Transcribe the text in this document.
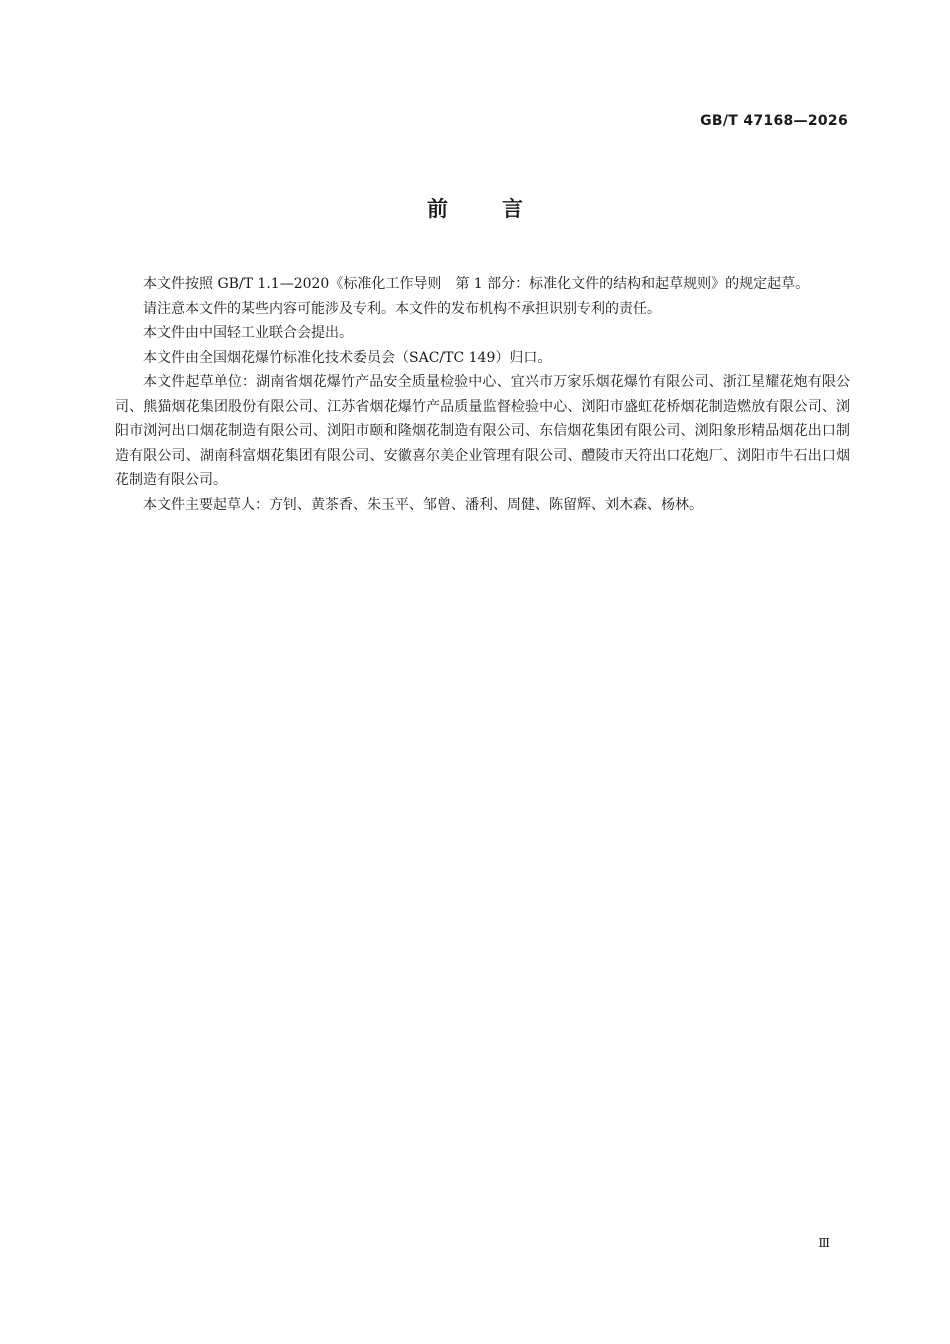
GB/T 47168—2026
前言

本文件按照 GB/T 1.1—2020《标准化工作导则　第 1 部分：标准化文件的结构和起草规则》的规定起草。

请注意本文件的某些内容可能涉及专利。本文件的发布机构不承担识别专利的责任。

本文件由中国轻工业联合会提出。

本文件由全国烟花爆竹标准化技术委员会（SAC/TC 149）归口。

本文件起草单位：湖南省烟花爆竹产品安全质量检验中心、宜兴市万家乐烟花爆竹有限公司、浙江星耀花炮有限公司、熊猫烟花集团股份有限公司、江苏省烟花爆竹产品质量监督检验中心、浏阳市盛虹花桥烟花制造燃放有限公司、浏阳市浏河出口烟花制造有限公司、浏阳市颐和隆烟花制造有限公司、东信烟花集团有限公司、浏阳象形精品烟花出口制造有限公司、湖南科富烟花集团有限公司、安徽喜尔美企业管理有限公司、醴陵市天符出口花炮厂、浏阳市牛石出口烟花制造有限公司。

本文件主要起草人：方钊、黄茶香、朱玉平、邹曾、潘利、周健、陈留辉、刘木森、杨林。

Ⅲ
